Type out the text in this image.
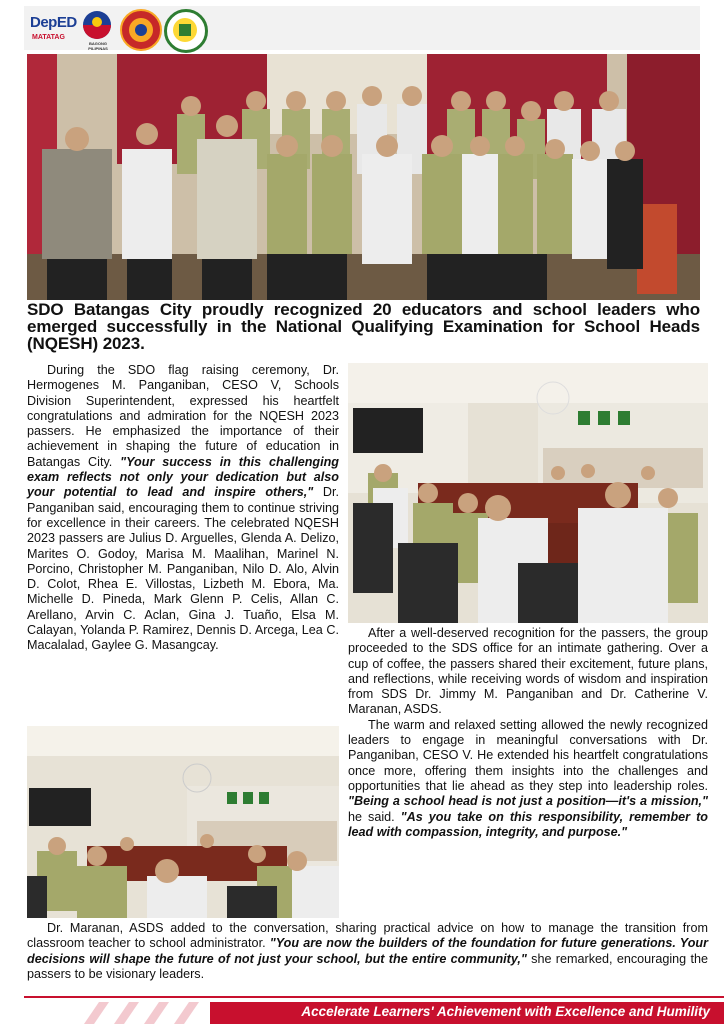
DepED
MATATAG
BAGONG PILIPINAS
SDO Batangas City proudly recognized 20 educators and school leaders who emerged successfully in the National Qualifying Examination for School Heads (NQESH) 2023.

During the SDO flag raising ceremony, Dr. Hermogenes M. Panganiban, CESO V, Schools Division Superintendent, expressed his heartfelt congratulations and admiration for the NQESH 2023 passers. He emphasized the importance of their achievement in shaping the future of education in Batangas City. "Your success in this challenging exam reflects not only your dedication but also your potential to lead and inspire others," Dr. Panganiban said, encouraging them to continue striving for excellence in their careers. The celebrated NQESH 2023 passers are Julius D. Arguelles, Glenda A. Delizo, Marites O. Godoy, Marisa M. Maalihan, Marinel N. Porcino, Christopher M. Panganiban, Nilo D. Alo, Alvin D. Colot, Rhea E. Villostas, Lizbeth M. Ebora, Ma. Michelle D. Pineda, Mark Glenn P. Celis, Allan C. Arellano, Arvin C. Aclan, Gina J. Tuaño, Elsa M. Calayan, Yolanda P. Ramirez, Dennis D. Arcega, Lea C. Macalalad, Gaylee G. Masangcay.

After a well-deserved recognition for the passers, the group proceeded to the SDS office for an intimate gathering. Over a cup of coffee, the passers shared their excitement, future plans, and reflections, while receiving words of wisdom and inspiration from SDS Dr. Jimmy M. Panganiban and Dr. Catherine V. Maranan, ASDS.

The warm and relaxed setting allowed the newly recognized leaders to engage in meaningful conversations with Dr. Panganiban, CESO V. He extended his heartfelt congratulations once more, offering them insights into the challenges and opportunities that lie ahead as they step into leadership roles. "Being a school head is not just a position—it's a mission," he said. "As you take on this responsibility, remember to lead with compassion, integrity, and purpose."

Dr. Maranan, ASDS added to the conversation, sharing practical advice on how to manage the transition from classroom teacher to school administrator. "You are now the builders of the foundation for future generations. Your decisions will shape the future of not just your school, but the entire community," she remarked, encouraging the passers to be visionary leaders.

Accelerate Learners' Achievement with Excellence and Humility
